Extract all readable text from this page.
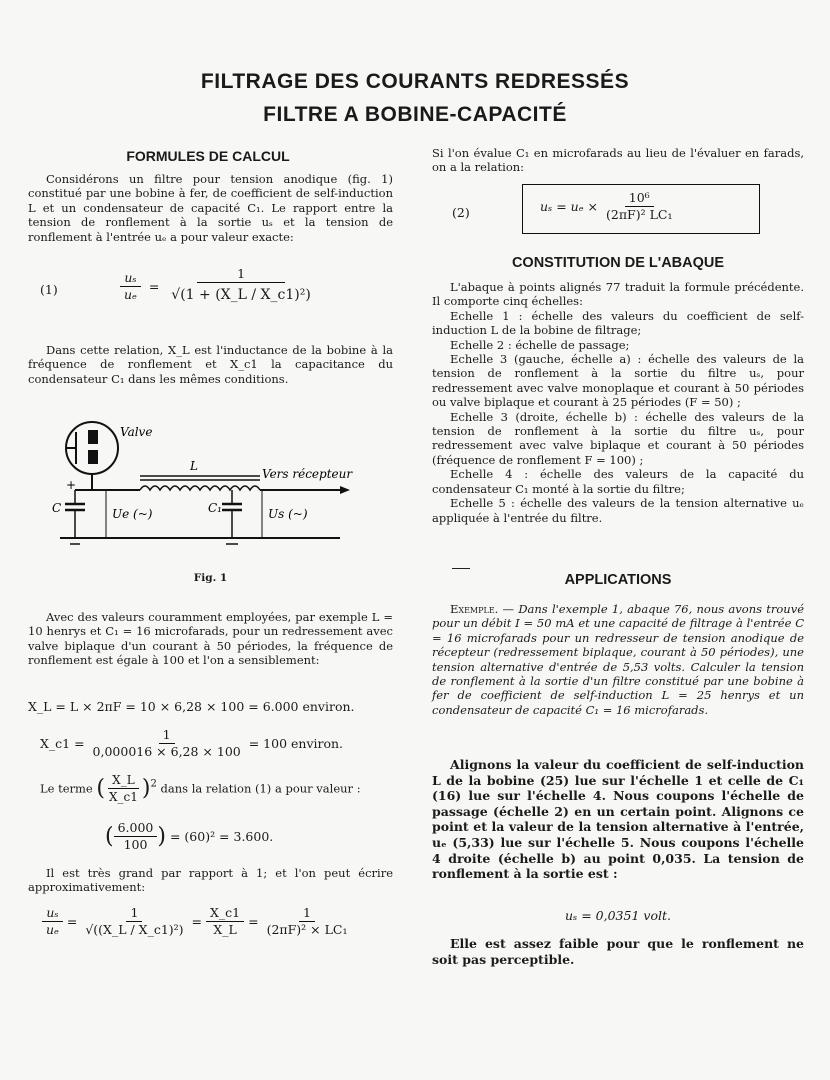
FILTRAGE DES COURANTS REDRESSÉS
FILTRE A BOBINE-CAPACITÉ
FORMULES DE CALCUL
Considérons un filtre pour tension anodique (fig. 1) constitué par une bobine à fer, de coefficient de self-induction L et un condensateur de capacité C₁. Le rapport entre la tension de ronflement à la sortie uₛ et la tension de ronflement à l'entrée uₑ a pour valeur exacte:
(1)	$\frac{\text{uₛ}}{\text{uₑ}} = \frac{1}{\text{√(1 + (X\_L / X\_c1)²)}}$
Dans cette relation, X_L est l'inductance de la bobine à la fréquence de ronflement et X_c1 la capacitance du condensateur C₁ dans les mêmes conditions.
Valve
L
Vers récepteur
+
C	Ue (~)	C₁	Us (~)
Fig. 1
Avec des valeurs couramment employées, par exemple L = 10 henrys et C₁ = 16 microfarads, pour un redressement avec valve biplaque d'un courant à 50 périodes, la fréquence de ronflement est égale à 100 et l'on a sensiblement:
X_L = L × 2πF = 10 × 6,28 × 100 = 6.000 environ.
X_c1 = $\frac{1}{0,000016 \times 6,28 \times 100} = 100$ environ.
Le terme ( $\frac{X\_L}{X\_c1} )^2$ dans la relation (1) a pour valeur :
( $\frac{6.000}{100}$ ) = (60)² = 3.600.
Il est très grand par rapport à 1; et l'on peut écrire approximativement:
$\frac{\text{uₛ}}{\text{uₑ}} = \frac{1}{\text{√((X\_L / X\_c1)²)}} = \frac{X\_c1}{X\_L} = \frac{1}{\text{(2πF)² × LC₁}}$
Si l'on évalue C₁ en microfarads au lieu de l'évaluer en farads, on a la relation:
(2)	$u_s = u_e \times \frac{\text{10⁶}}{\text{(2πF)² LC₁}}$
CONSTITUTION DE L'ABAQUE

L'abaque à points alignés 77 traduit la formule précédente. Il comporte cinq échelles:

Echelle 1 : échelle des valeurs du coefficient de self-induction L de la bobine de filtrage;

Echelle 2 : échelle de passage;

Echelle 3 (gauche, échelle a) : échelle des valeurs de la tension de ronflement à la sortie du filtre uₛ, pour redressement avec valve monoplaque et courant à 50 périodes ou valve biplaque et courant à 25 périodes (F = 50) ;

Echelle 3 (droite, échelle b) : échelle des valeurs de la tension de ronflement à la sortie du filtre uₛ, pour redressement avec valve biplaque et courant à 50 périodes (fréquence de ronflement F = 100) ;

Echelle 4 : échelle des valeurs de la capacité du condensateur C₁ monté à la sortie du filtre;

Echelle 5 : échelle des valeurs de la tension alternative uₑ appliquée à l'entrée du filtre.

APPLICATIONS
Exemple. — Dans l'exemple 1, abaque 76, nous avons trouvé pour un débit I = 50 mA et une capacité de filtrage à l'entrée C = 16 microfarads pour un redresseur de tension anodique de récepteur (redressement biplaque, courant à 50 périodes), une tension alternative d'entrée de 5,53 volts. Calculer la tension de ronflement à la sortie d'un filtre constitué par une bobine à fer de coefficient de self-induction L = 25 henrys et un condensateur de capacité C₁ = 16 microfarads.
Alignons la valeur du coefficient de self-induction L de la bobine (25) lue sur l'échelle 1 et celle de C₁ (16) lue sur l'échelle 4. Nous coupons l'échelle de passage (échelle 2) en un certain point. Alignons ce point et la valeur de la tension alternative à l'entrée, uₑ (5,33) lue sur l'échelle 5. Nous coupons l'échelle 4 droite (échelle b) au point 0,035. La tension de ronflement à la sortie est :
uₛ = 0,0351 volt.
Elle est assez faible pour que le ronflement ne soit pas perceptible.
